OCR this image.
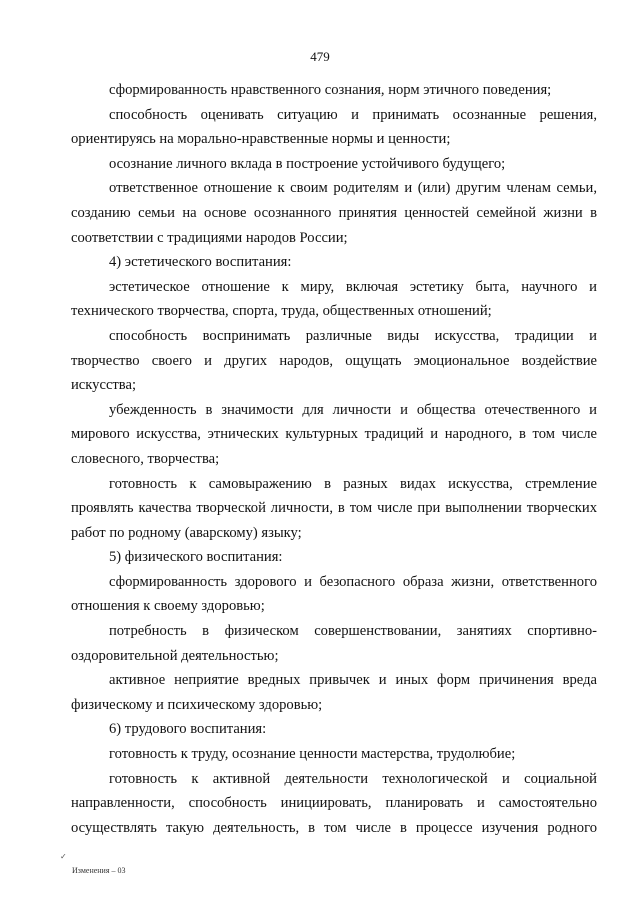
479

сформированность нравственного сознания, норм этичного поведения;

способность оценивать ситуацию и принимать осознанные решения, ориентируясь на морально-нравственные нормы и ценности;

осознание личного вклада в построение устойчивого будущего;

ответственное отношение к своим родителям и (или) другим членам семьи, созданию семьи на основе осознанного принятия ценностей семейной жизни в соответствии с традициями народов России;

4) эстетического воспитания:

эстетическое отношение к миру, включая эстетику быта, научного и технического творчества, спорта, труда, общественных отношений;

способность воспринимать различные виды искусства, традиции и творчество своего и других народов, ощущать эмоциональное воздействие искусства;

убежденность в значимости для личности и общества отечественного и мирового искусства, этнических культурных традиций и народного, в том числе словесного, творчества;

готовность к самовыражению в разных видах искусства, стремление проявлять качества творческой личности, в том числе при выполнении творческих работ по родному (аварскому) языку;

5) физического воспитания:

сформированность здорового и безопасного образа жизни, ответственного отношения к своему здоровью;

потребность в физическом совершенствовании, занятиях спортивно-оздоровительной деятельностью;

активное неприятие вредных привычек и иных форм причинения вреда физическому и психическому здоровью;

6) трудового воспитания:

готовность к труду, осознание ценности мастерства, трудолюбие;

готовность к активной деятельности технологической и социальной направленности, способность инициировать, планировать и самостоятельно осуществлять такую деятельность, в том числе в процессе изучения родного

✓
Изменения – 03
